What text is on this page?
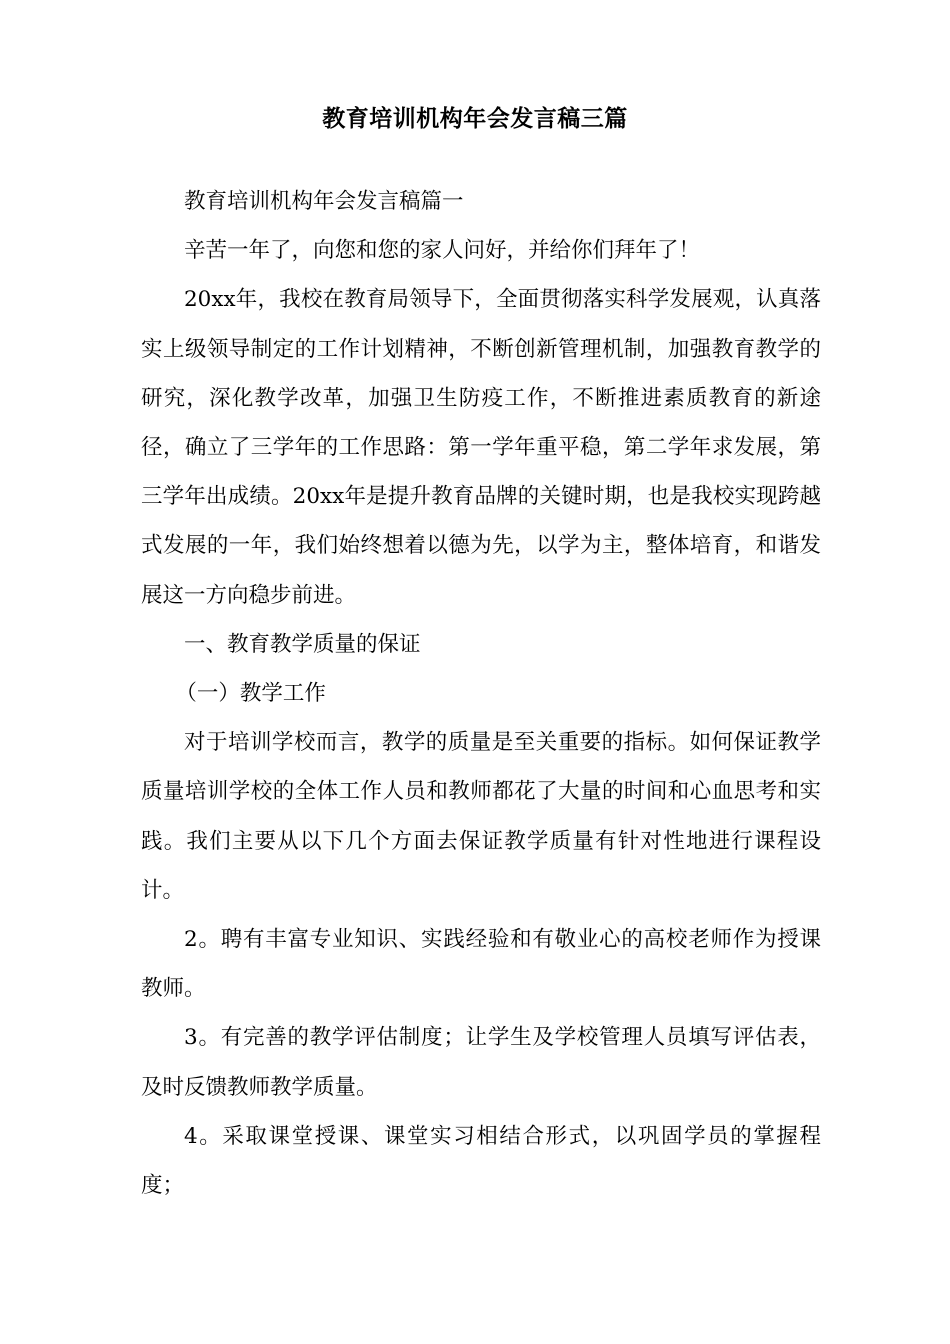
教育培训机构年会发言稿三篇

教育培训机构年会发言稿篇一

辛苦一年了，向您和您的家人问好，并给你们拜年了！

20xx年，我校在教育局领导下，全面贯彻落实科学发展观，认真落实上级领导制定的工作计划精神，不断创新管理机制，加强教育教学的研究，深化教学改革，加强卫生防疫工作，不断推进素质教育的新途径，确立了三学年的工作思路：第一学年重平稳，第二学年求发展，第三学年出成绩。20xx年是提升教育品牌的关键时期，也是我校实现跨越式发展的一年，我们始终想着以德为先，以学为主，整体培育，和谐发展这一方向稳步前进。

一、教育教学质量的保证

（一）教学工作

对于培训学校而言，教学的质量是至关重要的指标。如何保证教学质量培训学校的全体工作人员和教师都花了大量的时间和心血思考和实践。我们主要从以下几个方面去保证教学质量有针对性地进行课程设计。

2。聘有丰富专业知识、实践经验和有敬业心的高校老师作为授课教师。

3。有完善的教学评估制度；让学生及学校管理人员填写评估表，及时反馈教师教学质量。

4。采取课堂授课、课堂实习相结合形式，以巩固学员的掌握程度；
